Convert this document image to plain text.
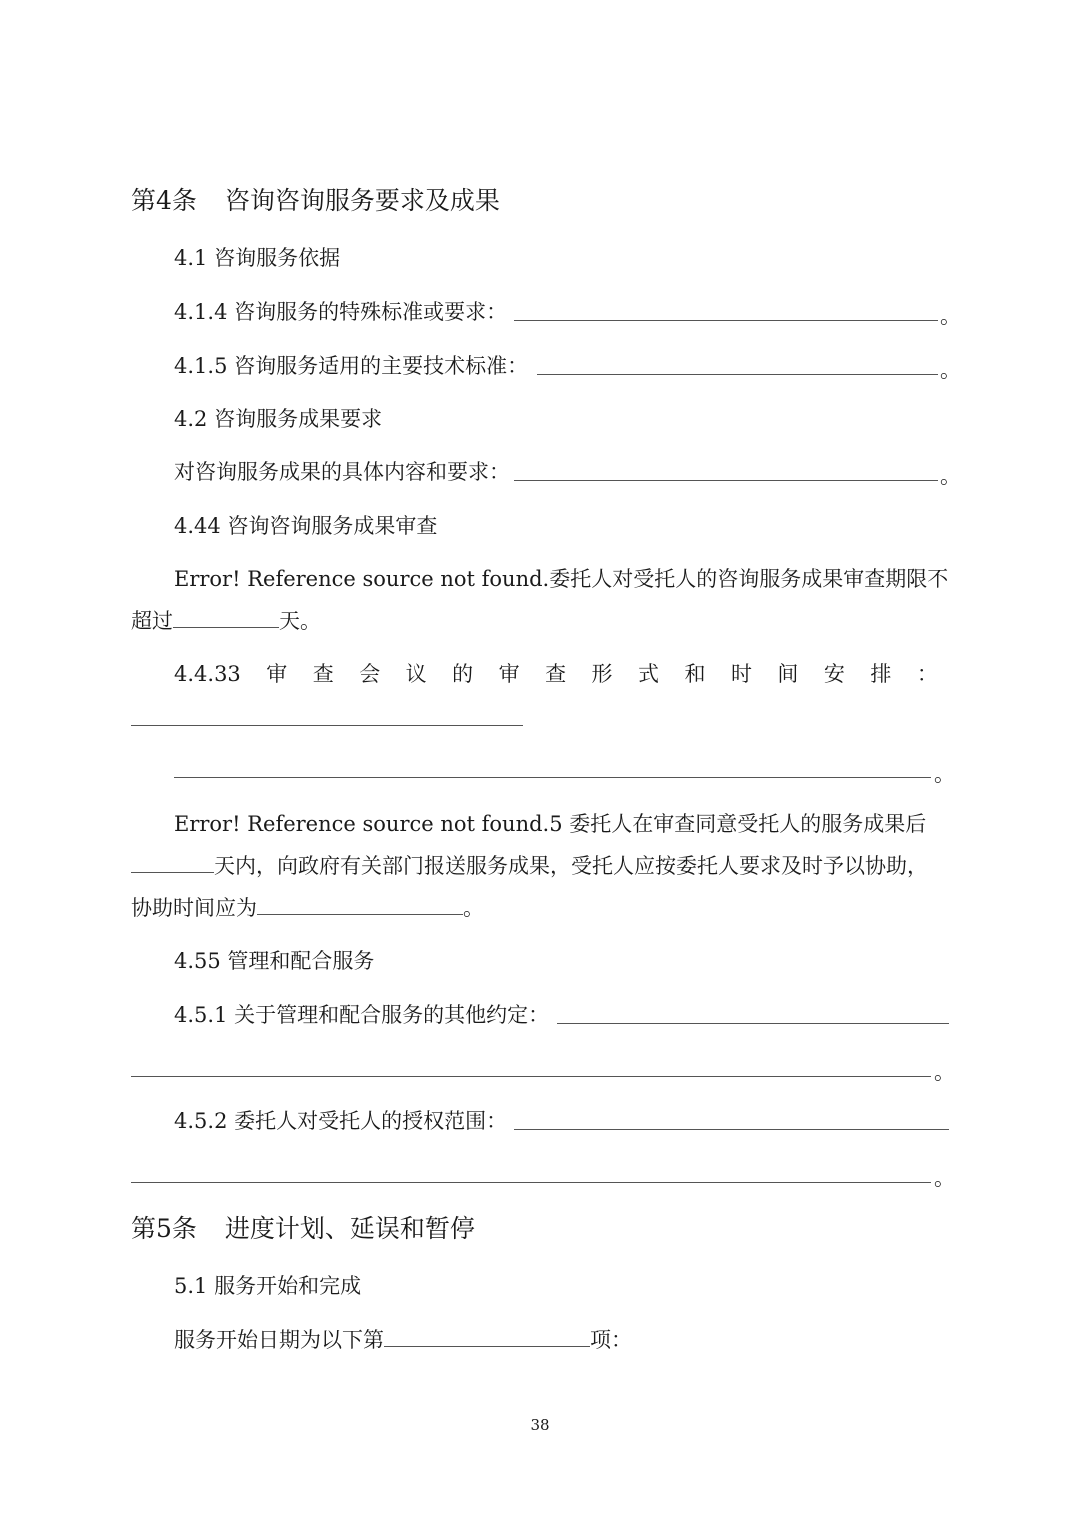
第4条 咨询咨询服务要求及成果
4.1 咨询服务依据
4.1.4 咨询服务的特殊标准或要求：	。
4.1.5 咨询服务适用的主要技术标准：	。
4.2 咨询服务成果要求
对咨询服务成果的具体内容和要求：	。
4.44 咨询咨询服务成果审查
Error! Reference source not found.委托人对受托人的咨询服务成果审查期限不
超过	天。
4.4.33 审 查 会 议 的 审 查 形 式 和 时 间 安 排 ：
。
Error! Reference source not found.5 委托人在审查同意受托人的服务成果后
天内，向政府有关部门报送服务成果，受托人应按委托人要求及时予以协助，
协助时间应为	。
4.55 管理和配合服务
4.5.1 关于管理和配合服务的其他约定：
。
4.5.2 委托人对受托人的授权范围：
。
第5条 进度计划、延误和暂停
5.1 服务开始和完成
服务开始日期为以下第	项：
38
